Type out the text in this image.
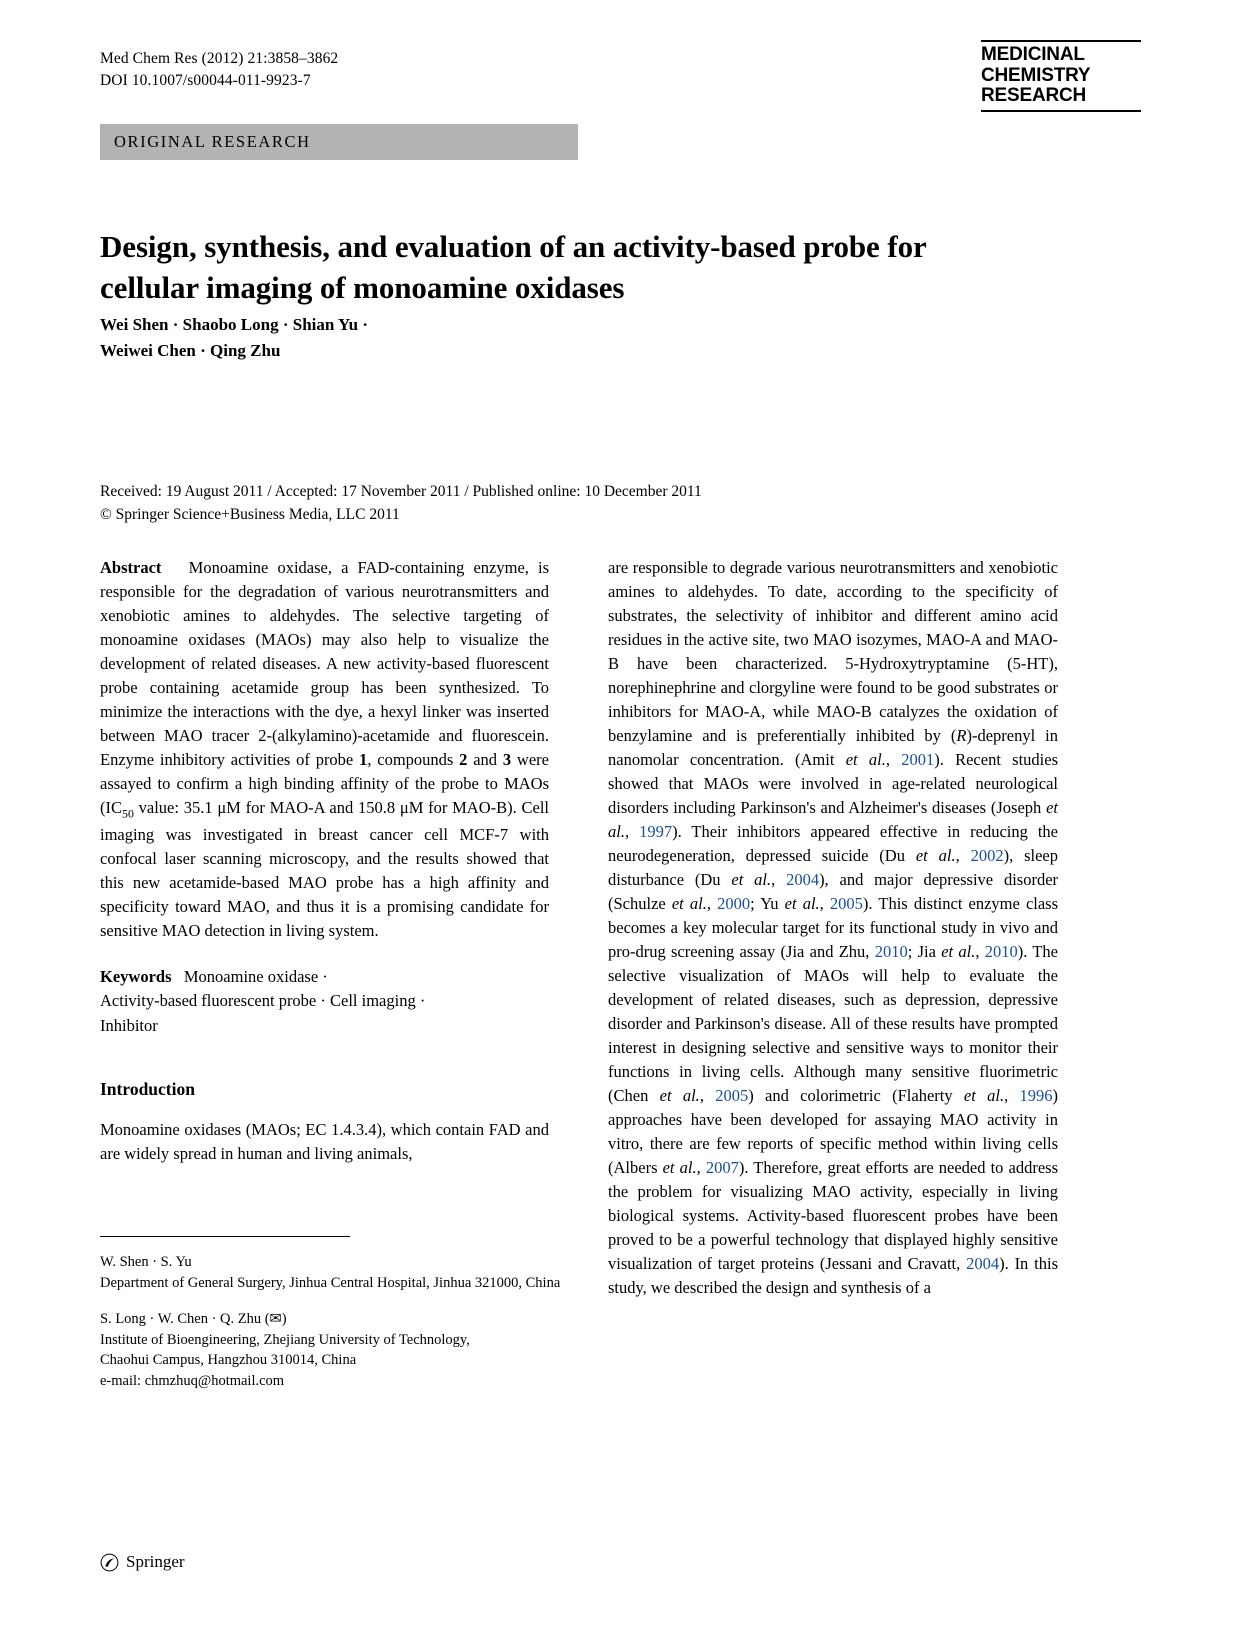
Med Chem Res (2012) 21:3858–3862
DOI 10.1007/s00044-011-9923-7
MEDICINAL
CHEMISTRY
RESEARCH
ORIGINAL RESEARCH
Design, synthesis, and evaluation of an activity-based probe for cellular imaging of monoamine oxidases
Wei Shen · Shaobo Long · Shian Yu ·
Weiwei Chen · Qing Zhu
Received: 19 August 2011 / Accepted: 17 November 2011 / Published online: 10 December 2011
© Springer Science+Business Media, LLC 2011

Abstract   Monoamine oxidase, a FAD-containing enzyme, is responsible for the degradation of various neurotransmitters and xenobiotic amines to aldehydes. The selective targeting of monoamine oxidases (MAOs) may also help to visualize the development of related diseases. A new activity-based fluorescent probe containing acetamide group has been synthesized. To minimize the interactions with the dye, a hexyl linker was inserted between MAO tracer 2-(alkylamino)-acetamide and fluorescein. Enzyme inhibitory activities of probe 1, compounds 2 and 3 were assayed to confirm a high binding affinity of the probe to MAOs ($IC_{50}$ value: 35.1 μM for MAO-A and 150.8 μM for MAO-B). Cell imaging was investigated in breast cancer cell MCF-7 with confocal laser scanning microscopy, and the results showed that this new acetamide-based MAO probe has a high affinity and specificity toward MAO, and thus it is a promising candidate for sensitive MAO detection in living system.

Keywords   Monoamine oxidase ·
Activity-based fluorescent probe · Cell imaging ·
Inhibitor

Introduction

Monoamine oxidases (MAOs; EC 1.4.3.4), which contain FAD and are widely spread in human and living animals,

are responsible to degrade various neurotransmitters and xenobiotic amines to aldehydes. To date, according to the specificity of substrates, the selectivity of inhibitor and different amino acid residues in the active site, two MAO isozymes, MAO-A and MAO-B have been characterized. 5-Hydroxytryptamine (5-HT), norephinephrine and clorgyline were found to be good substrates or inhibitors for MAO-A, while MAO-B catalyzes the oxidation of benzylamine and is preferentially inhibited by (R)-deprenyl in nanomolar concentration. (Amit et al., 2001). Recent studies showed that MAOs were involved in age-related neurological disorders including Parkinson's and Alzheimer's diseases (Joseph et al., 1997). Their inhibitors appeared effective in reducing the neurodegeneration, depressed suicide (Du et al., 2002), sleep disturbance (Du et al., 2004), and major depressive disorder (Schulze et al., 2000; Yu et al., 2005). This distinct enzyme class becomes a key molecular target for its functional study in vivo and pro-drug screening assay (Jia and Zhu, 2010; Jia et al., 2010). The selective visualization of MAOs will help to evaluate the development of related diseases, such as depression, depressive disorder and Parkinson's disease. All of these results have prompted interest in designing selective and sensitive ways to monitor their functions in living cells. Although many sensitive fluorimetric (Chen et al., 2005) and colorimetric (Flaherty et al., 1996) approaches have been developed for assaying MAO activity in vitro, there are few reports of specific method within living cells (Albers et al., 2007). Therefore, great efforts are needed to address the problem for visualizing MAO activity, especially in living biological systems. Activity-based fluorescent probes have been proved to be a powerful technology that displayed highly sensitive visualization of target proteins (Jessani and Cravatt, 2004). In this study, we described the design and synthesis of a

W. Shen · S. Yu
Department of General Surgery, Jinhua Central Hospital, Jinhua 321000, China
S. Long · W. Chen · Q. Zhu (✉)
Institute of Bioengineering, Zhejiang University of Technology,
Chaohui Campus, Hangzhou 310014, China
e-mail: chmzhuq@hotmail.com
Springer
